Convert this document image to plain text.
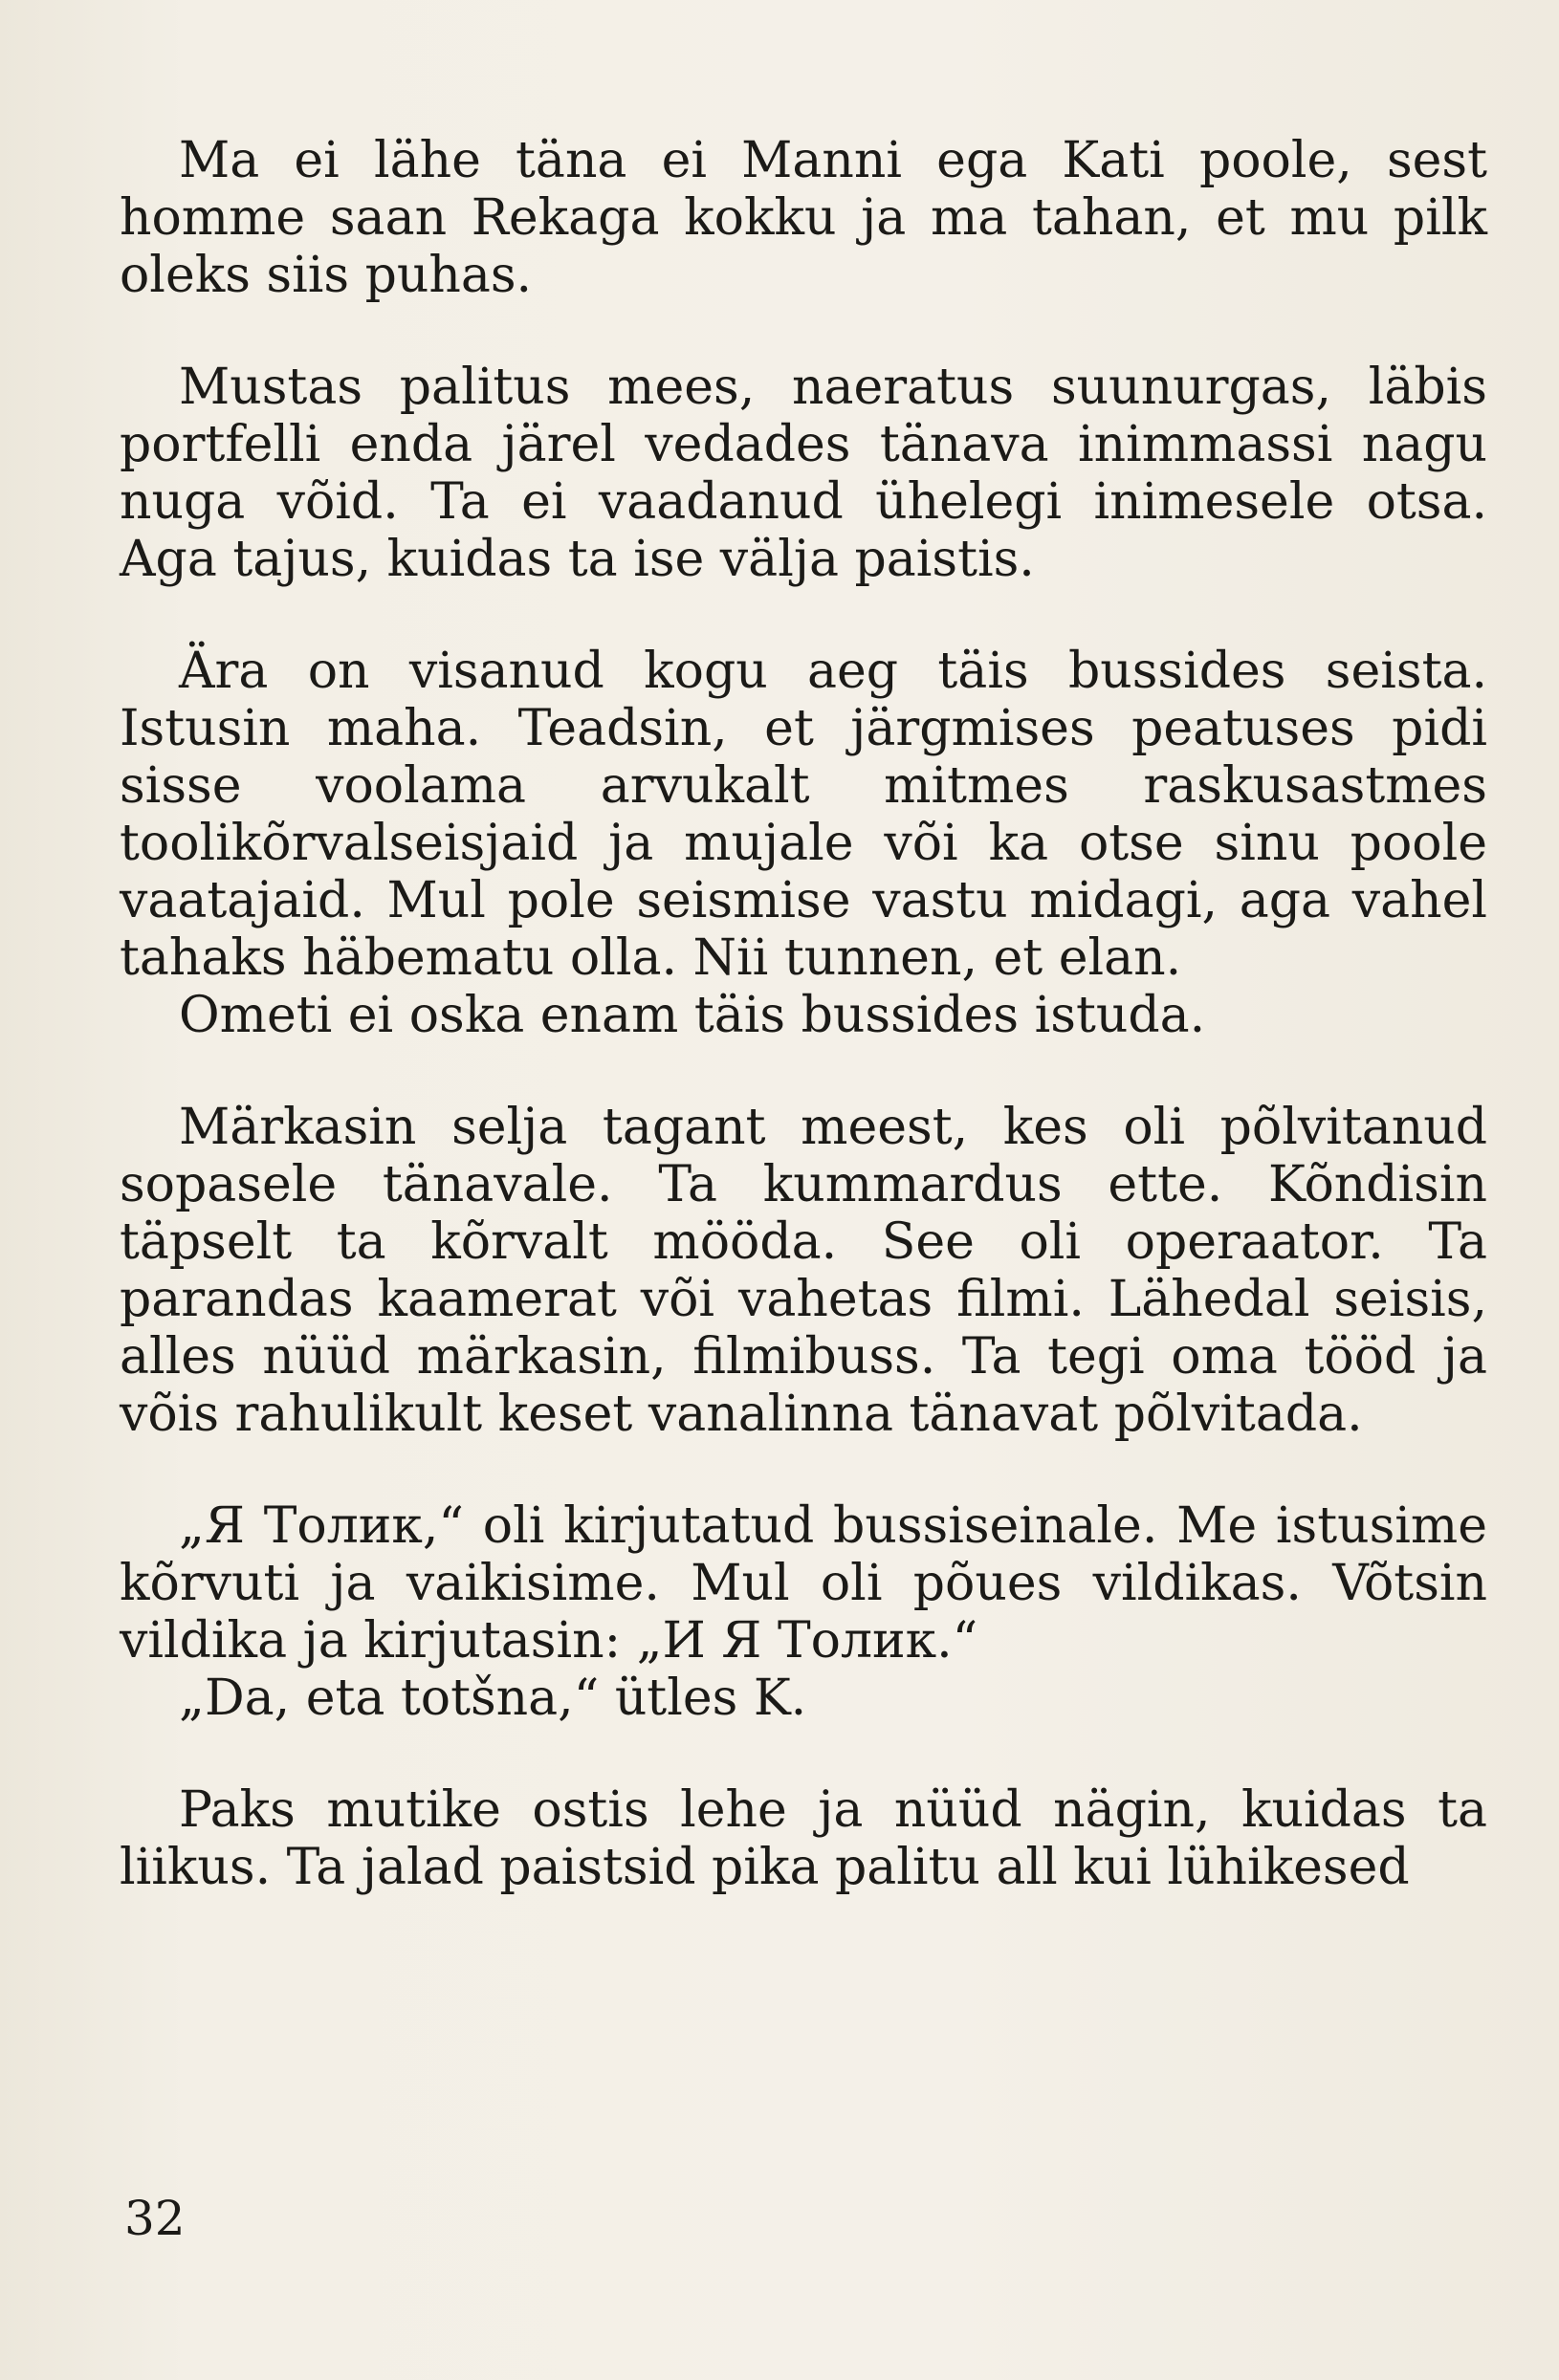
Ma ei lähe täna ei Manni ega Kati poole, sest homme saan Rekaga kokku ja ma tahan, et mu pilk oleks siis puhas.

Mustas palitus mees, naeratus suunurgas, läbis portfelli enda järel vedades tänava inimmassi nagu nuga võid. Ta ei vaadanud ühelegi inimesele otsa. Aga tajus, kuidas ta ise välja paistis.

Ära on visanud kogu aeg täis bussides seista. Istusin maha. Teadsin, et järgmises peatuses pidi sisse voolama arvukalt mitmes raskusastmes toolikõrvalseisjaid ja mujale või ka otse sinu poole vaatajaid. Mul pole seismise vastu midagi, aga vahel tahaks häbematu olla. Nii tunnen, et elan.

Ometi ei oska enam täis bussides istuda.

Märkasin selja tagant meest, kes oli põlvitanud sopasele tänavale. Ta kummardus ette. Kõndisin täpselt ta kõrvalt mööda. See oli operaator. Ta parandas kaamerat või vahetas filmi. Lähedal seisis, alles nüüd märkasin, filmibuss. Ta tegi oma tööd ja võis rahulikult keset vanalinna tänavat põlvitada.

„Я Толик,“ oli kirjutatud bussiseinale. Me istusime kõrvuti ja vaikisime. Mul oli põues vildikas. Võtsin vildika ja kirjutasin: „И Я Толик.“

„Da, eta totšna,“ ütles K.

Paks mutike ostis lehe ja nüüd nägin, kuidas ta liikus. Ta jalad paistsid pika palitu all kui lühikesed

32
